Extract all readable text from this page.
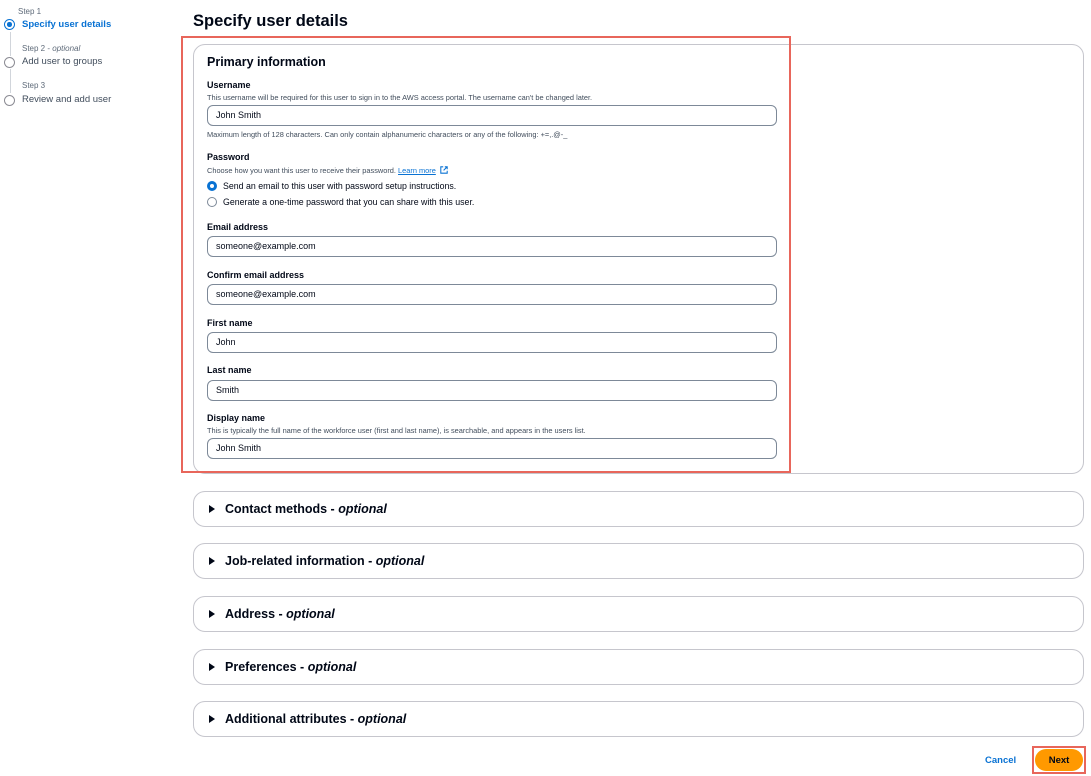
Step 1
Specify user details
Step 2 - optional
Add user to groups
Step 3
Review and add user
Specify user details
Primary information
Username
This username will be required for this user to sign in to the AWS access portal. The username can't be changed later.
John Smith
Maximum length of 128 characters. Can only contain alphanumeric characters or any of the following: +=,.@-_
Password
Choose how you want this user to receive their password. Learn more
Send an email to this user with password setup instructions.
Generate a one-time password that you can share with this user.
Email address
someone@example.com
Confirm email address
someone@example.com
First name
John
Last name
Smith
Display name
This is typically the full name of the workforce user (first and last name), is searchable, and appears in the users list.
John Smith
Contact methods - optional
Job-related information - optional
Address - optional
Preferences - optional
Additional attributes - optional
Cancel	Next
